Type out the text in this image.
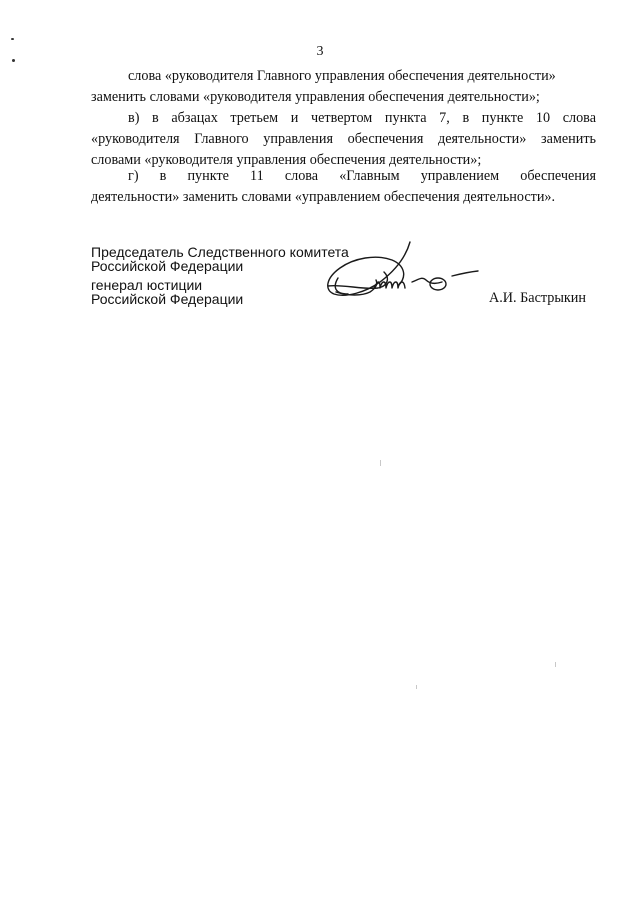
3

слова «руководителя Главного управления обеспечения деятельности»
заменить словами «руководителя управления обеспечения деятельности»;

в) в абзацах третьем и четвертом пункта 7, в пункте 10 слова
«руководителя Главного управления обеспечения деятельности» заменить
словами «руководителя управления обеспечения деятельности»;

г) в пункте 11 слова «Главным управлением обеспечения
деятельности» заменить словами «управлением обеспечения деятельности».

Председатель Следственного комитета
Российской Федерации
генерал юстиции
Российской Федерации	А.И. Бастрыкин
